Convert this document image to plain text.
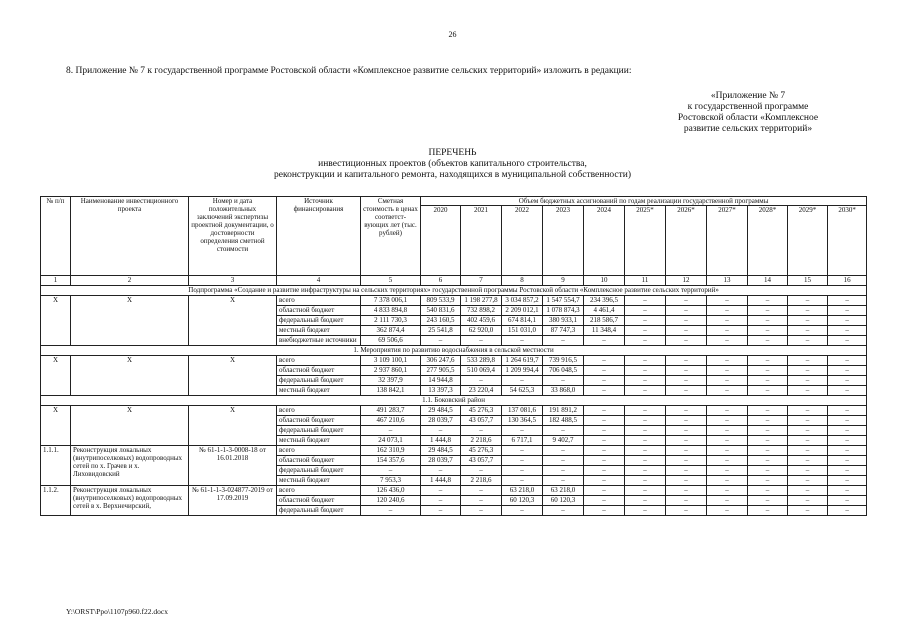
26
8. Приложение № 7 к государственной программе Ростовской области «Комплексное развитие сельских территорий» изложить в редакции:
«Приложение № 7
к государственной программе
Ростовской области «Комплексное
развитие сельских территорий»
ПЕРЕЧЕНЬ
инвестиционных проектов (объектов капитального строительства,
реконструкции и капитального ремонта, находящихся в муниципальной собственности)
№ п/п	Наименование инвестиционного проекта	Номер и дата положительных заключений экспертизы проектной документации, о достоверности определения сметной стоимости	Источник финансирования	Сметная стоимость в ценах соответст-вующих лет (тыс. рублей)	Объем бюджетных ассигнований по годам реализации государственной программы										
					2020	2021	2022	2023	2024	2025*	2026*	2027*	2028*	2029*	2030*
1	2	3	4	5	6	7	8	9	10	11	12	13	14	15	16
Подпрограмма «Создание и развитие инфраструктуры на сельских территориях» государственной программы Ростовской области «Комплексное развитие сельских территорий»															
X	X	X	всего	7 378 006,1	809 533,9	1 198 277,8	3 034 857,2	1 547 554,7	234 396,5	–	–	–	–	–	–
			областной бюджет	4 833 894,8	540 831,6	732 898,2	2 209 012,1	1 078 874,3	4 461,4	–	–	–	–	–	–
			федеральный бюджет	2 111 730,3	243 160,5	402 459,6	674 814,1	380 933,1	218 586,7	–	–	–	–	–	–
			местный бюджет	362 874,4	25 541,8	62 920,0	151 031,0	87 747,3	11 348,4	–	–	–	–	–	–
			внебюджетные источники	69 506,6	–	–	–	–	–	–	–	–	–	–	–
1. Мероприятия по развитию водоснабжения в сельской местности															
X	X	X	всего	3 109 100,1	306 247,6	533 289,8	1 264 619,7	739 916,5	–	–	–	–	–	–	–
			областной бюджет	2 937 860,1	277 905,5	510 069,4	1 209 994,4	706 048,5	–	–	–	–	–	–	–
			федеральный бюджет	32 397,9	14 944,8	–	–	–	–	–	–	–	–	–	–
			местный бюджет	138 842,1	13 397,3	23 220,4	54 625,3	33 868,0	–	–	–	–	–	–	–
1.1. Боковский район															
X	X	X	всего	491 283,7	29 484,5	45 276,3	137 081,6	191 891,2	–	–	–	–	–	–	–
			областной бюджет	467 210,6	28 039,7	43 057,7	130 364,5	182 488,5	–	–	–	–	–	–	–
			федеральный бюджет	–	–	–	–	–	–	–	–	–	–	–	–
			местный бюджет	24 073,1	1 444,8	2 218,6	6 717,1	9 402,7	–	–	–	–	–	–	–
1.1.1.	Реконструкция локальных (внутрипоселковых) водопроводных сетей по х. Грачев и х. Лиховидовский	№ 61-1-1-3-0008-18 от 16.01.2018	всего	162 310,9	29 484,5	45 276,3	–	–	–	–	–	–	–	–	–
			областной бюджет	154 357,6	28 039,7	43 057,7	–	–	–	–	–	–	–	–	–
			федеральный бюджет	–	–	–	–	–	–	–	–	–	–	–	–
			местный бюджет	7 953,3	1 444,8	2 218,6	–	–	–	–	–	–	–	–	–
1.1.2.	Реконструкция локальных (внутрипоселковых) водопроводных сетей в х. Верхнечирский,	№ 61-1-1-3-024877-2019 от 17.09.2019	всего	126 436,0	–	–	63 218,0	63 218,0	–	–	–	–	–	–	–
			областной бюджет	120 240,6	–	–	60 120,3	60 120,3	–	–	–	–	–	–	–
			федеральный бюджет	–	–	–	–	–	–	–	–	–	–	–	–
Y:\ORST\Ppo\1107p960.f22.docx
